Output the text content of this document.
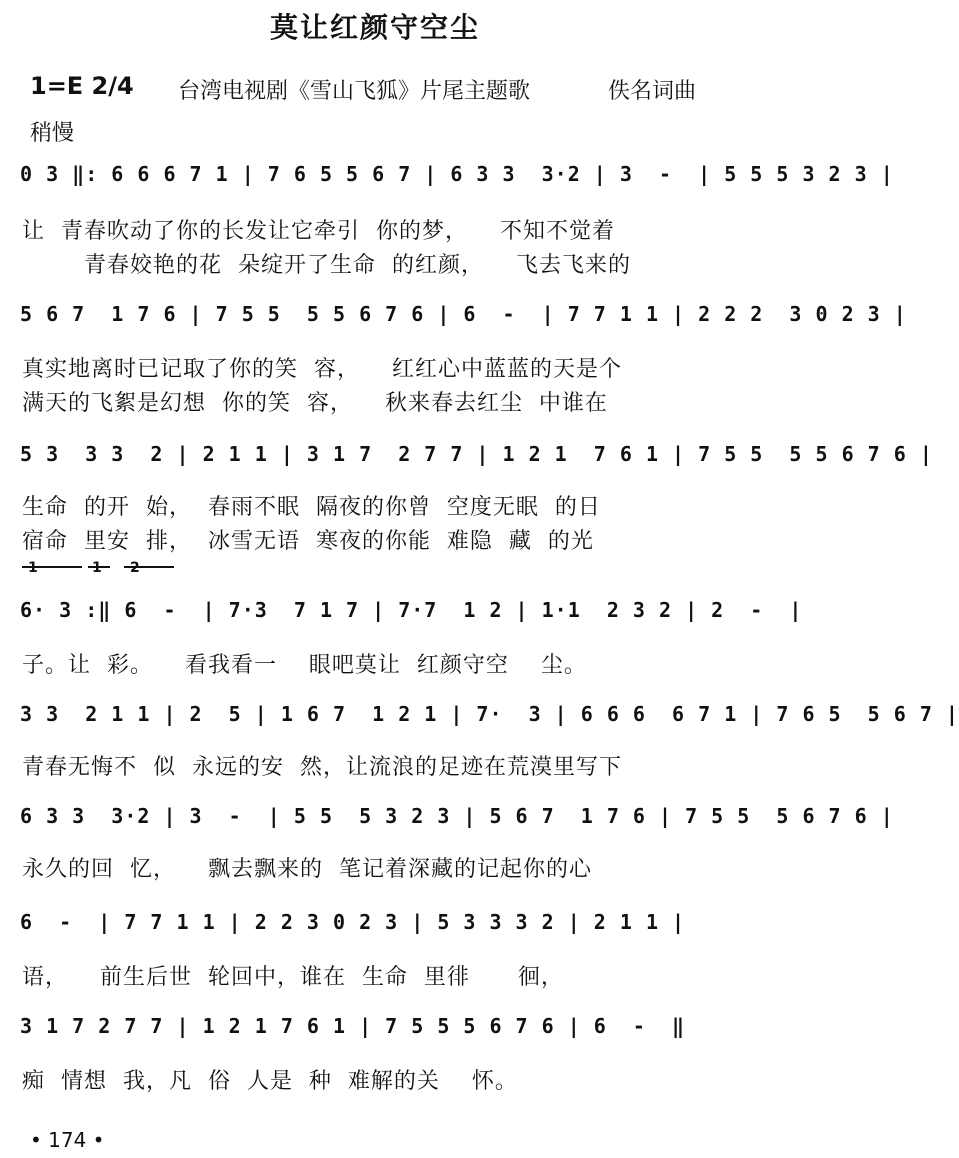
莫让红颜守空尘
1=E 2/4 台湾电视剧《雪山飞狐》片尾主题歌	佚名词曲
稍慢
0 3 ‖: 6 6 6 7 1 | 7 6 5 5 6 7 | 6 3 3  3·2 | 3  -  | 5 5 5 3 2 3 |
让  青春吹动了你的长发让它牵引  你的梦，    不知不觉着
青春姣艳的花  朵绽开了生命  的红颜，    飞去飞来的
5 6 7  1 7 6 | 7 5 5  5 5 6 7 6 | 6  -  | 7 7 1 1 | 2 2 2  3 0 2 3 |
真实地离时已记取了你的笑  容，    红红心中蓝蓝的天是个
满天的飞絮是幻想  你的笑  容，    秋来春去红尘  中谁在
5 3  3 3  2 | 2 1 1 | 3 1 7  2 7 7 | 1 2 1  7 6 1 | 7 5 5  5 5 6 7 6 |
生命  的开  始，  春雨不眠  隔夜的你曾  空度无眠  的日
宿命  里安  排，  冰雪无语  寒夜的你能  难隐  藏  的光
1	1 2
6· 3 :‖ 6  -  | 7·3  7 1 7 | 7·7  1 2 | 1·1  2 3 2 | 2  -  |
子。让  彩。    看我看一    眼吧莫让  红颜守空    尘。
3 3  2 1 1 | 2  5 | 1 6 7  1 2 1 | 7·  3 | 6 6 6  6 7 1 | 7 6 5  5 6 7 |
青春无悔不  似  永远的安  然，让流浪的足迹在荒漠里写下
6 3 3  3·2 | 3  -  | 5 5  5 3 2 3 | 5 6 7  1 7 6 | 7 5 5  5 6 7 6 |
永久的回  忆，    飘去飘来的  笔记着深藏的记起你的心
6  -  | 7 7 1 1 | 2 2 3 0 2 3 | 5 3 3 3 2 | 2 1 1 |
语，    前生后世  轮回中，谁在  生命  里徘      徊，
3 1 7 2 7 7 | 1 2 1 7 6 1 | 7 5 5 5 6 7 6 | 6  -  ‖
痴  情想  我，凡  俗  人是  种  难解的关    怀。
• 174 •
